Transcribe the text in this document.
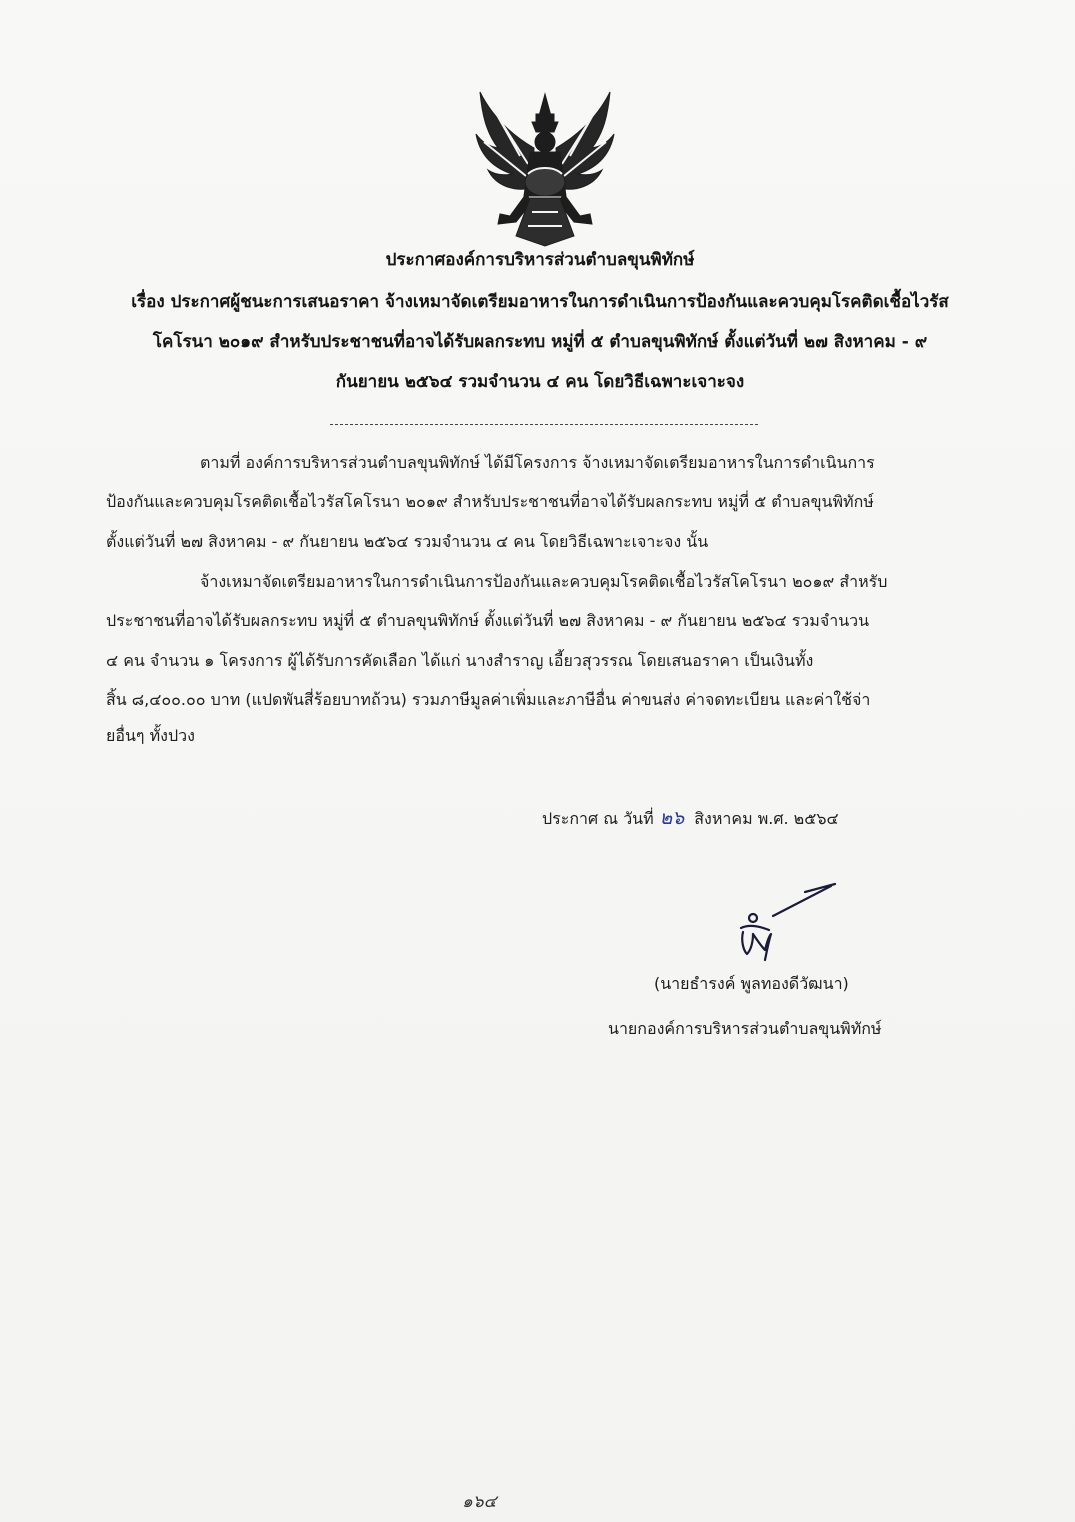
ประกาศองค์การบริหารส่วนตำบลขุนพิทักษ์
เรื่อง ประกาศผู้ชนะการเสนอราคา จ้างเหมาจัดเตรียมอาหารในการดำเนินการป้องกันและควบคุมโรคติดเชื้อไวรัส
โคโรนา ๒๐๑๙ สำหรับประชาชนที่อาจได้รับผลกระทบ หมู่ที่ ๕ ตำบลขุนพิทักษ์ ตั้งแต่วันที่ ๒๗ สิงหาคม - ๙
กันยายน ๒๕๖๔ รวมจำนวน ๔ คน โดยวิธีเฉพาะเจาะจง
ตามที่ องค์การบริหารส่วนตำบลขุนพิทักษ์ ได้มีโครงการ จ้างเหมาจัดเตรียมอาหารในการดำเนินการ
ป้องกันและควบคุมโรคติดเชื้อไวรัสโคโรนา ๒๐๑๙ สำหรับประชาชนที่อาจได้รับผลกระทบ หมู่ที่ ๕ ตำบลขุนพิทักษ์
ตั้งแต่วันที่ ๒๗ สิงหาคม - ๙ กันยายน ๒๕๖๔ รวมจำนวน ๔ คน โดยวิธีเฉพาะเจาะจง นั้น
จ้างเหมาจัดเตรียมอาหารในการดำเนินการป้องกันและควบคุมโรคติดเชื้อไวรัสโคโรนา ๒๐๑๙ สำหรับ
ประชาชนที่อาจได้รับผลกระทบ หมู่ที่ ๕ ตำบลขุนพิทักษ์ ตั้งแต่วันที่ ๒๗ สิงหาคม - ๙ กันยายน ๒๕๖๔ รวมจำนวน
๔ คน จำนวน ๑ โครงการ ผู้ได้รับการคัดเลือก ได้แก่ นางสำราญ เอี้ยวสุวรรณ โดยเสนอราคา เป็นเงินทั้ง
สิ้น ๘,๔๐๐.๐๐ บาท (แปดพันสี่ร้อยบาทถ้วน) รวมภาษีมูลค่าเพิ่มและภาษีอื่น ค่าขนส่ง ค่าจดทะเบียน และค่าใช้จ่า
ยอื่นๆ ทั้งปวง
ประกาศ ณ วันที่ ๒๖ สิงหาคม พ.ศ. ๒๕๖๔
(นายธำรงค์ พูลทองดีวัฒนา)
นายกองค์การบริหารส่วนตำบลขุนพิทักษ์
๑๖๔
